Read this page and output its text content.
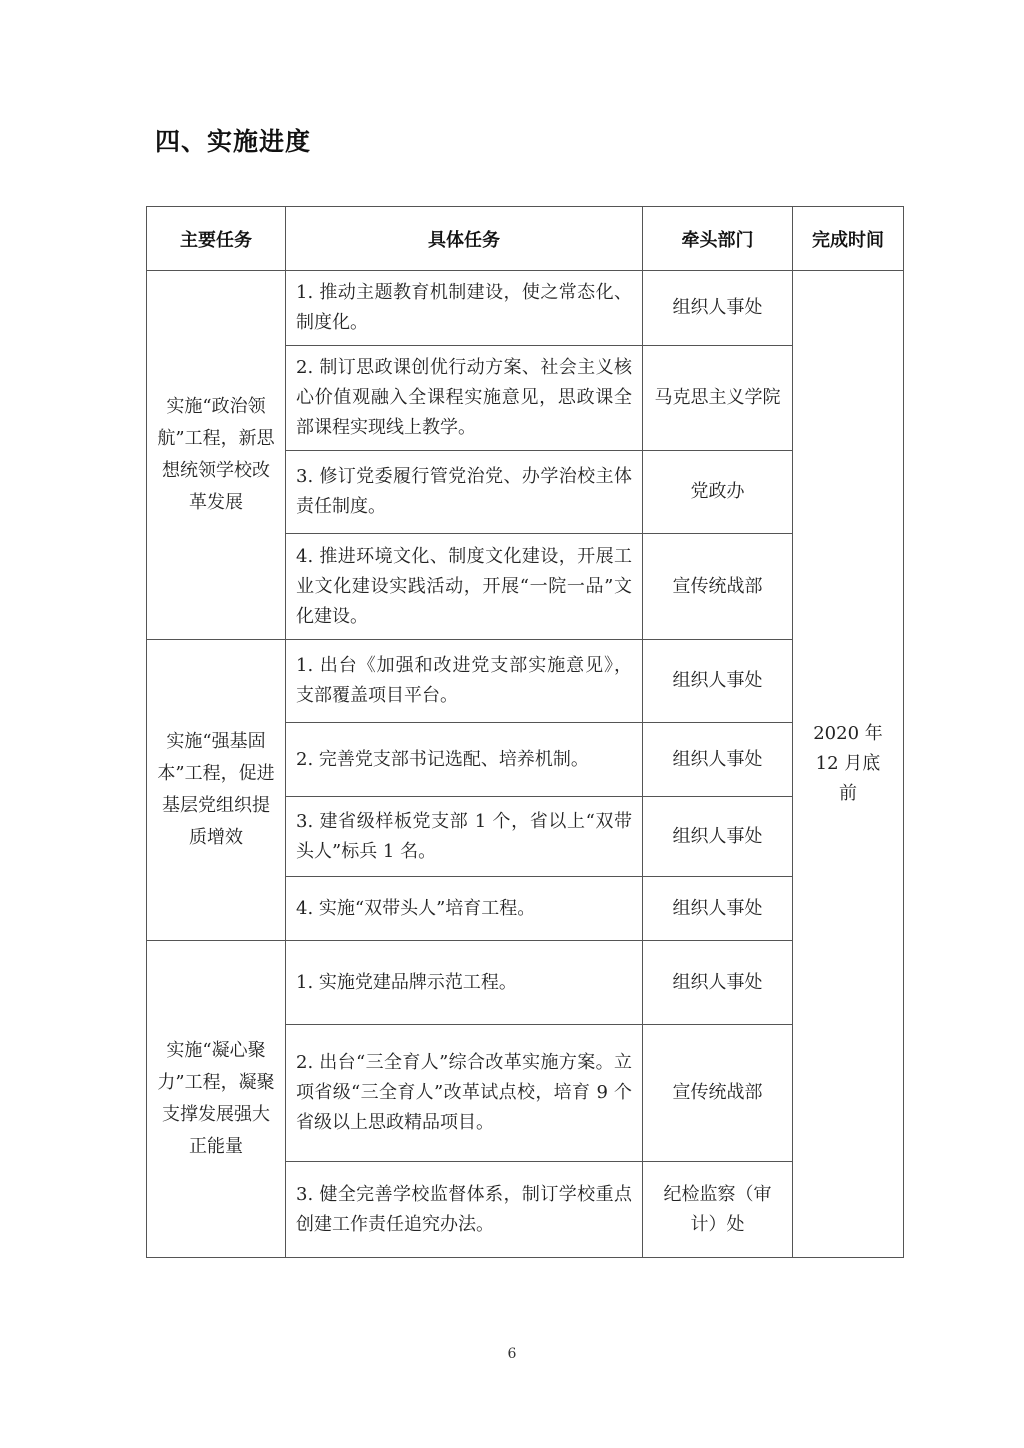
四、实施进度
主要任务	具体任务	牵头部门	完成时间
实施“政治领航”工程，新思想统领学校改革发展	1. 推动主题教育机制建设，使之常态化、制度化。	组织人事处	2020 年 12 月底前

	2. 制订思政课创优行动方案、社会主义核心价值观融入全课程实施意见，思政课全部课程实现线上教学。	马克思主义学院	
	3. 修订党委履行管党治党、办学治校主体责任制度。	党政办	
	4. 推进环境文化、制度文化建设，开展工业文化建设实践活动，开展“一院一品”文化建设。	宣传统战部	
实施“强基固本”工程，促进基层党组织提质增效	1. 出台《加强和改进党支部实施意见》，支部覆盖项目平台。	组织人事处	
	2. 完善党支部书记选配、培养机制。	组织人事处	
	3. 建省级样板党支部 1 个，省以上“双带头人”标兵 1 名。	组织人事处	
	4. 实施“双带头人”培育工程。	组织人事处	
实施“凝心聚力”工程，凝聚支撑发展强大正能量	1. 实施党建品牌示范工程。	组织人事处	
	2. 出台“三全育人”综合改革实施方案。立项省级“三全育人”改革试点校，培育 9 个省级以上思政精品项目。	宣传统战部	
	3. 健全完善学校监督体系，制订学校重点创建工作责任追究办法。	纪检监察（审计）处	
6
